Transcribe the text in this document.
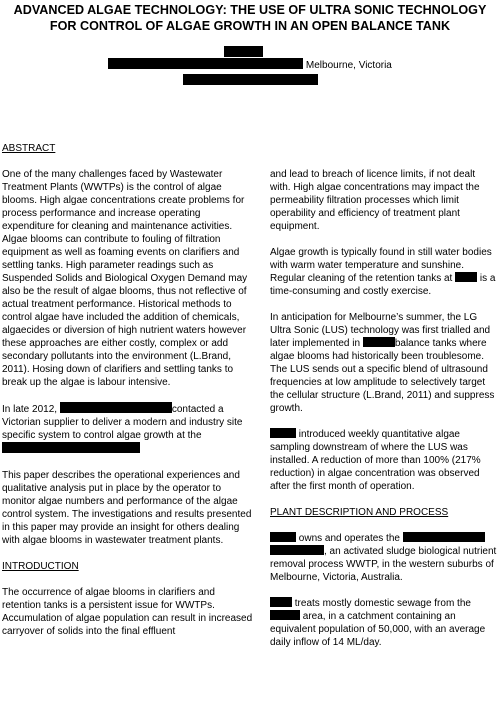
ADVANCED ALGAE TECHNOLOGY: THE USE OF ULTRA SONIC TECHNOLOGY
FOR CONTROL OF ALGAE GROWTH IN AN OPEN BALANCE TANK
Melbourne, Victoria
ABSTRACT

One of the many challenges faced by Wastewater Treatment Plants (WWTPs) is the control of algae blooms. High algae concentrations create problems for process performance and increase operating expenditure for cleaning and maintenance activities. Algae blooms can contribute to fouling of filtration equipment as well as foaming events on clarifiers and settling tanks. High parameter readings such as Suspended Solids and Biological Oxygen Demand may also be the result of algae blooms, thus not reflective of actual treatment performance. Historical methods to control algae have included the addition of chemicals, algaecides or diversion of high nutrient waters however these approaches are either costly, complex or add secondary pollutants into the environment (L.Brand, 2011). Hosing down of clarifiers and settling tanks to break up the algae is labour intensive.

In late 2012,	contacted a Victorian supplier to deliver a modern and industry site specific system to control algae growth at the

This paper describes the operational experiences and qualitative analysis put in place by the operator to monitor algae numbers and performance of the algae control system. The investigations and results presented in this paper may provide an insight for others dealing with algae blooms in wastewater treatment plants.

INTRODUCTION

The occurrence of algae blooms in clarifiers and retention tanks is a persistent issue for WWTPs. Accumulation of algae population can result in increased carryover of solids into the final effluent

and lead to breach of licence limits, if not dealt with. High algae concentrations may impact the permeability filtration processes which limit operability and efficiency of treatment plant equipment.

Algae growth is typically found in still water bodies with warm water temperature and sunshine. Regular cleaning of the retention tanks at	is a time-consuming and costly exercise.

In anticipation for Melbourne’s summer, the LG Ultra Sonic (LUS) technology was first trialled and later implemented in	balance tanks where algae blooms had historically been troublesome. The LUS sends out a specific blend of ultrasound frequencies at low amplitude to selectively target the cellular structure (L.Brand, 2011) and suppress growth.

introduced weekly quantitative algae sampling downstream of where the LUS was installed. A reduction of more than 100% (217% reduction) in algae concentration was observed after the first month of operation.

PLANT DESCRIPTION AND PROCESS

owns and operates the
, an activated sludge biological nutrient removal process WWTP, in the western suburbs of Melbourne, Victoria, Australia.

treats mostly domestic sewage from the
area, in a catchment containing an equivalent population of 50,000, with an average daily inflow of 14 ML/day.
